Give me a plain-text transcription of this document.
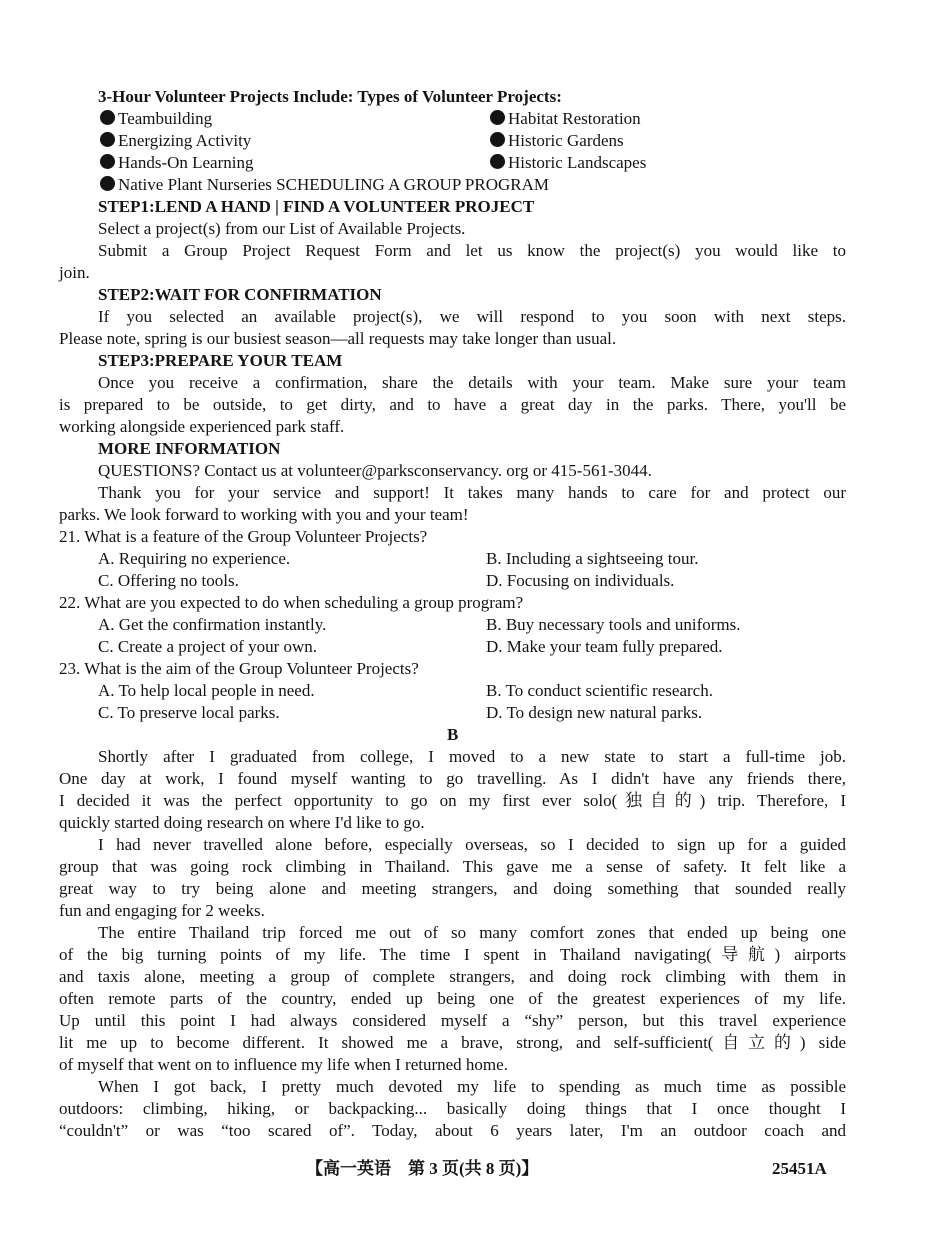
3-Hour Volunteer Projects Include: Types of Volunteer Projects:
Teambuilding	Habitat Restoration
Energizing Activity	Historic Gardens
Hands-On Learning	Historic Landscapes
Native Plant Nurseries SCHEDULING A GROUP PROGRAM
STEP1:LEND A HAND | FIND A VOLUNTEER PROJECT
Select a project(s) from our List of Available Projects.
Submit a Group Project Request Form and let us know the project(s) you would like to
join.
STEP2:WAIT FOR CONFIRMATION
If you selected an available project(s), we will respond to you soon with next steps.
Please note, spring is our busiest season—all requests may take longer than usual.
STEP3:PREPARE YOUR TEAM
Once you receive a confirmation, share the details with your team. Make sure your team
is prepared to be outside, to get dirty, and to have a great day in the parks. There, you'll be
working alongside experienced park staff.
MORE INFORMATION
QUESTIONS? Contact us at volunteer@parksconservancy. org or 415-561-3044.
Thank you for your service and support! It takes many hands to care for and protect our
parks. We look forward to working with you and your team!
21. What is a feature of the Group Volunteer Projects?
A. Requiring no experience.	B. Including a sightseeing tour.
C. Offering no tools.	D. Focusing on individuals.
22. What are you expected to do when scheduling a group program?
A. Get the confirmation instantly.	B. Buy necessary tools and uniforms.
C. Create a project of your own.	D. Make your team fully prepared.
23. What is the aim of the Group Volunteer Projects?
A. To help local people in need.	B. To conduct scientific research.
C. To preserve local parks.	D. To design new natural parks.
B
Shortly after I graduated from college, I moved to a new state to start a full-time job.
One day at work, I found myself wanting to go travelling. As I didn't have any friends there,
I decided it was the perfect opportunity to go on my first ever solo(独自的) trip. Therefore, I
quickly started doing research on where I'd like to go.
I had never travelled alone before, especially overseas, so I decided to sign up for a guided
group that was going rock climbing in Thailand. This gave me a sense of safety. It felt like a
great way to try being alone and meeting strangers, and doing something that sounded really
fun and engaging for 2 weeks.
The entire Thailand trip forced me out of so many comfort zones that ended up being one
of the big turning points of my life. The time I spent in Thailand navigating(导航) airports
and taxis alone, meeting a group of complete strangers, and doing rock climbing with them in
often remote parts of the country, ended up being one of the greatest experiences of my life.
Up until this point I had always considered myself a “shy” person, but this travel experience
lit me up to become different. It showed me a brave, strong, and self-sufficient(自立的) side
of myself that went on to influence my life when I returned home.
When I got back, I pretty much devoted my life to spending as much time as possible
outdoors: climbing, hiking, or backpacking... basically doing things that I once thought I
“couldn't” or was “too scared of”. Today, about 6 years later, I'm an outdoor coach and
【高一英语　第 3 页(共 8 页)】	25451A
